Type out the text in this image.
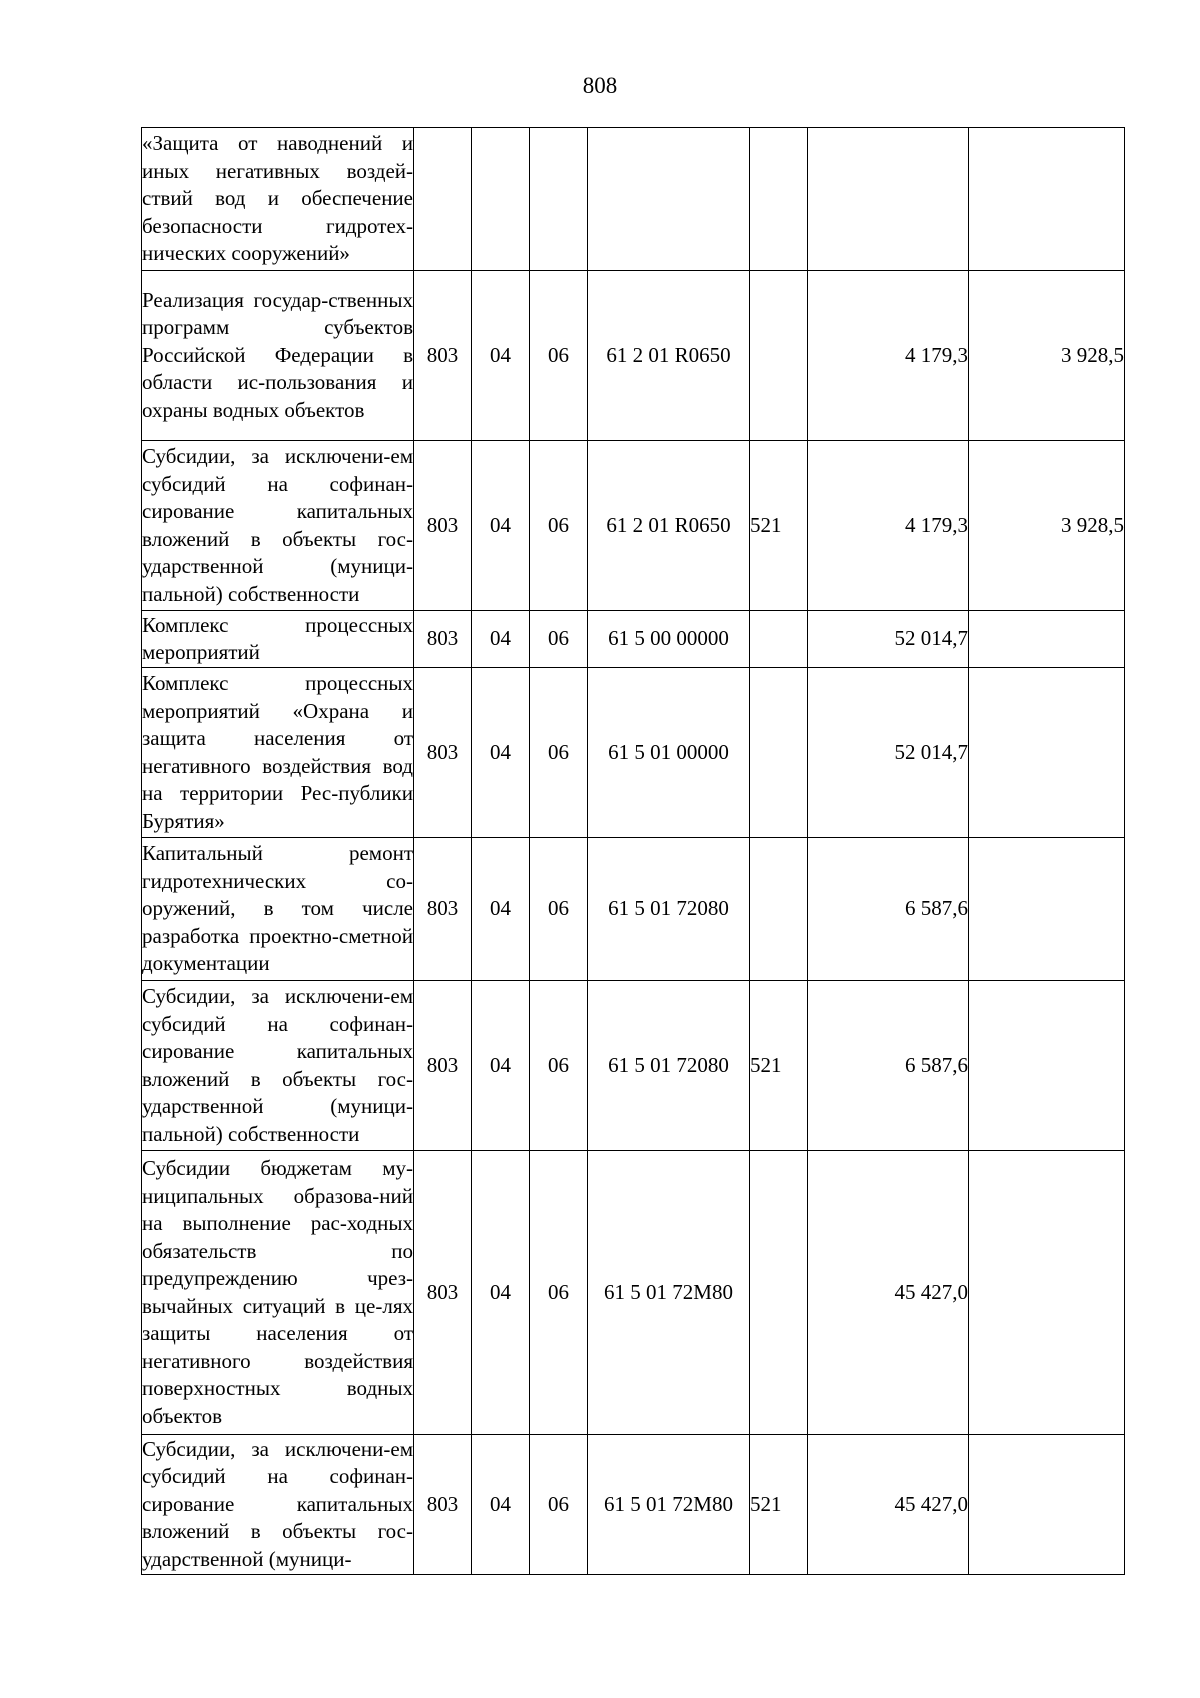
808
«Защита от наводнений и иных негативных воздей-ствий вод и обеспечение безопасности гидротех-нических сооружений»							
Реализация государ-ственных программ субъектов Российской Федерации в области ис-пользования и охраны водных объектов	803	04	06	61 2 01 R0650		4 179,3	3 928,5
Субсидии, за исключени-ем субсидий на софинан-сирование капитальных вложений в объекты гос-ударственной (муници-пальной) собственности	803	04	06	61 2 01 R0650	521	4 179,3	3 928,5
Комплекс процессных мероприятий	803	04	06	61 5 00 00000		52 014,7	
Комплекс процессных мероприятий «Охрана и защита населения от негативного воздействия вод на территории Рес-публики Бурятия»	803	04	06	61 5 01 00000		52 014,7	
Капитальный ремонт гидротехнических со-оружений, в том числе разработка проектно-сметной документации	803	04	06	61 5 01 72080		6 587,6	
Субсидии, за исключени-ем субсидий на софинан-сирование капитальных вложений в объекты гос-ударственной (муници-пальной) собственности	803	04	06	61 5 01 72080	521	6 587,6	
Субсидии бюджетам му-ниципальных образова-ний на выполнение рас-ходных обязательств по предупреждению чрез-вычайных ситуаций в це-лях защиты населения от негативного воздействия поверхностных водных объектов	803	04	06	61 5 01 72М80		45 427,0	
Субсидии, за исключени-ем субсидий на софинан-сирование капитальных вложений в объекты гос-ударственной (муници-	803	04	06	61 5 01 72М80	521	45 427,0	
